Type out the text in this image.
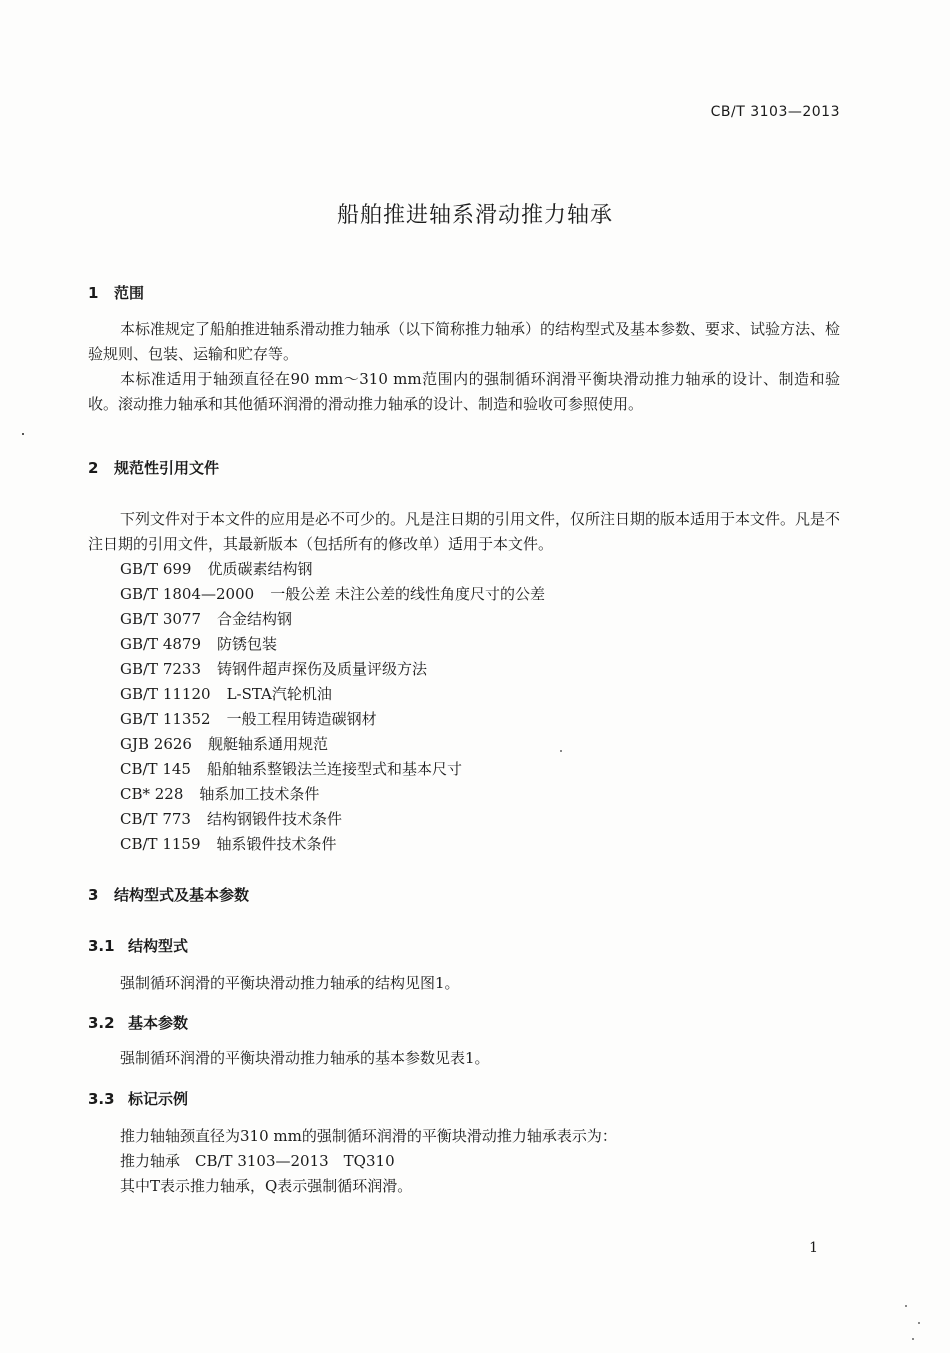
CB/T 3103—2013
船舶推进轴系滑动推力轴承
1 范围

本标准规定了船舶推进轴系滑动推力轴承（以下简称推力轴承）的结构型式及基本参数、要求、试验方法、检验规则、包装、运输和贮存等。

本标准适用于轴颈直径在90 mm～310 mm范围内的强制循环润滑平衡块滑动推力轴承的设计、制造和验收。滚动推力轴承和其他循环润滑的滑动推力轴承的设计、制造和验收可参照使用。

2 规范性引用文件

下列文件对于本文件的应用是必不可少的。凡是注日期的引用文件，仅所注日期的版本适用于本文件。凡是不注日期的引用文件，其最新版本（包括所有的修改单）适用于本文件。

GB/T 699 优质碳素结构钢
GB/T 1804—2000 一般公差 未注公差的线性角度尺寸的公差
GB/T 3077 合金结构钢
GB/T 4879 防锈包装
GB/T 7233 铸钢件超声探伤及质量评级方法
GB/T 11120 L-STA汽轮机油
GB/T 11352 一般工程用铸造碳钢材
GJB 2626 舰艇轴系通用规范
CB/T 145 船舶轴系整锻法兰连接型式和基本尺寸
CB* 228 轴系加工技术条件
CB/T 773 结构钢锻件技术条件
CB/T 1159 轴系锻件技术条件
3 结构型式及基本参数
3.1 结构型式
强制循环润滑的平衡块滑动推力轴承的结构见图1。
3.2 基本参数
强制循环润滑的平衡块滑动推力轴承的基本参数见表1。
3.3 标记示例
推力轴轴颈直径为310 mm的强制循环润滑的平衡块滑动推力轴承表示为：
推力轴承　CB/T 3103—2013　TQ310
其中T表示推力轴承，Q表示强制循环润滑。
1
